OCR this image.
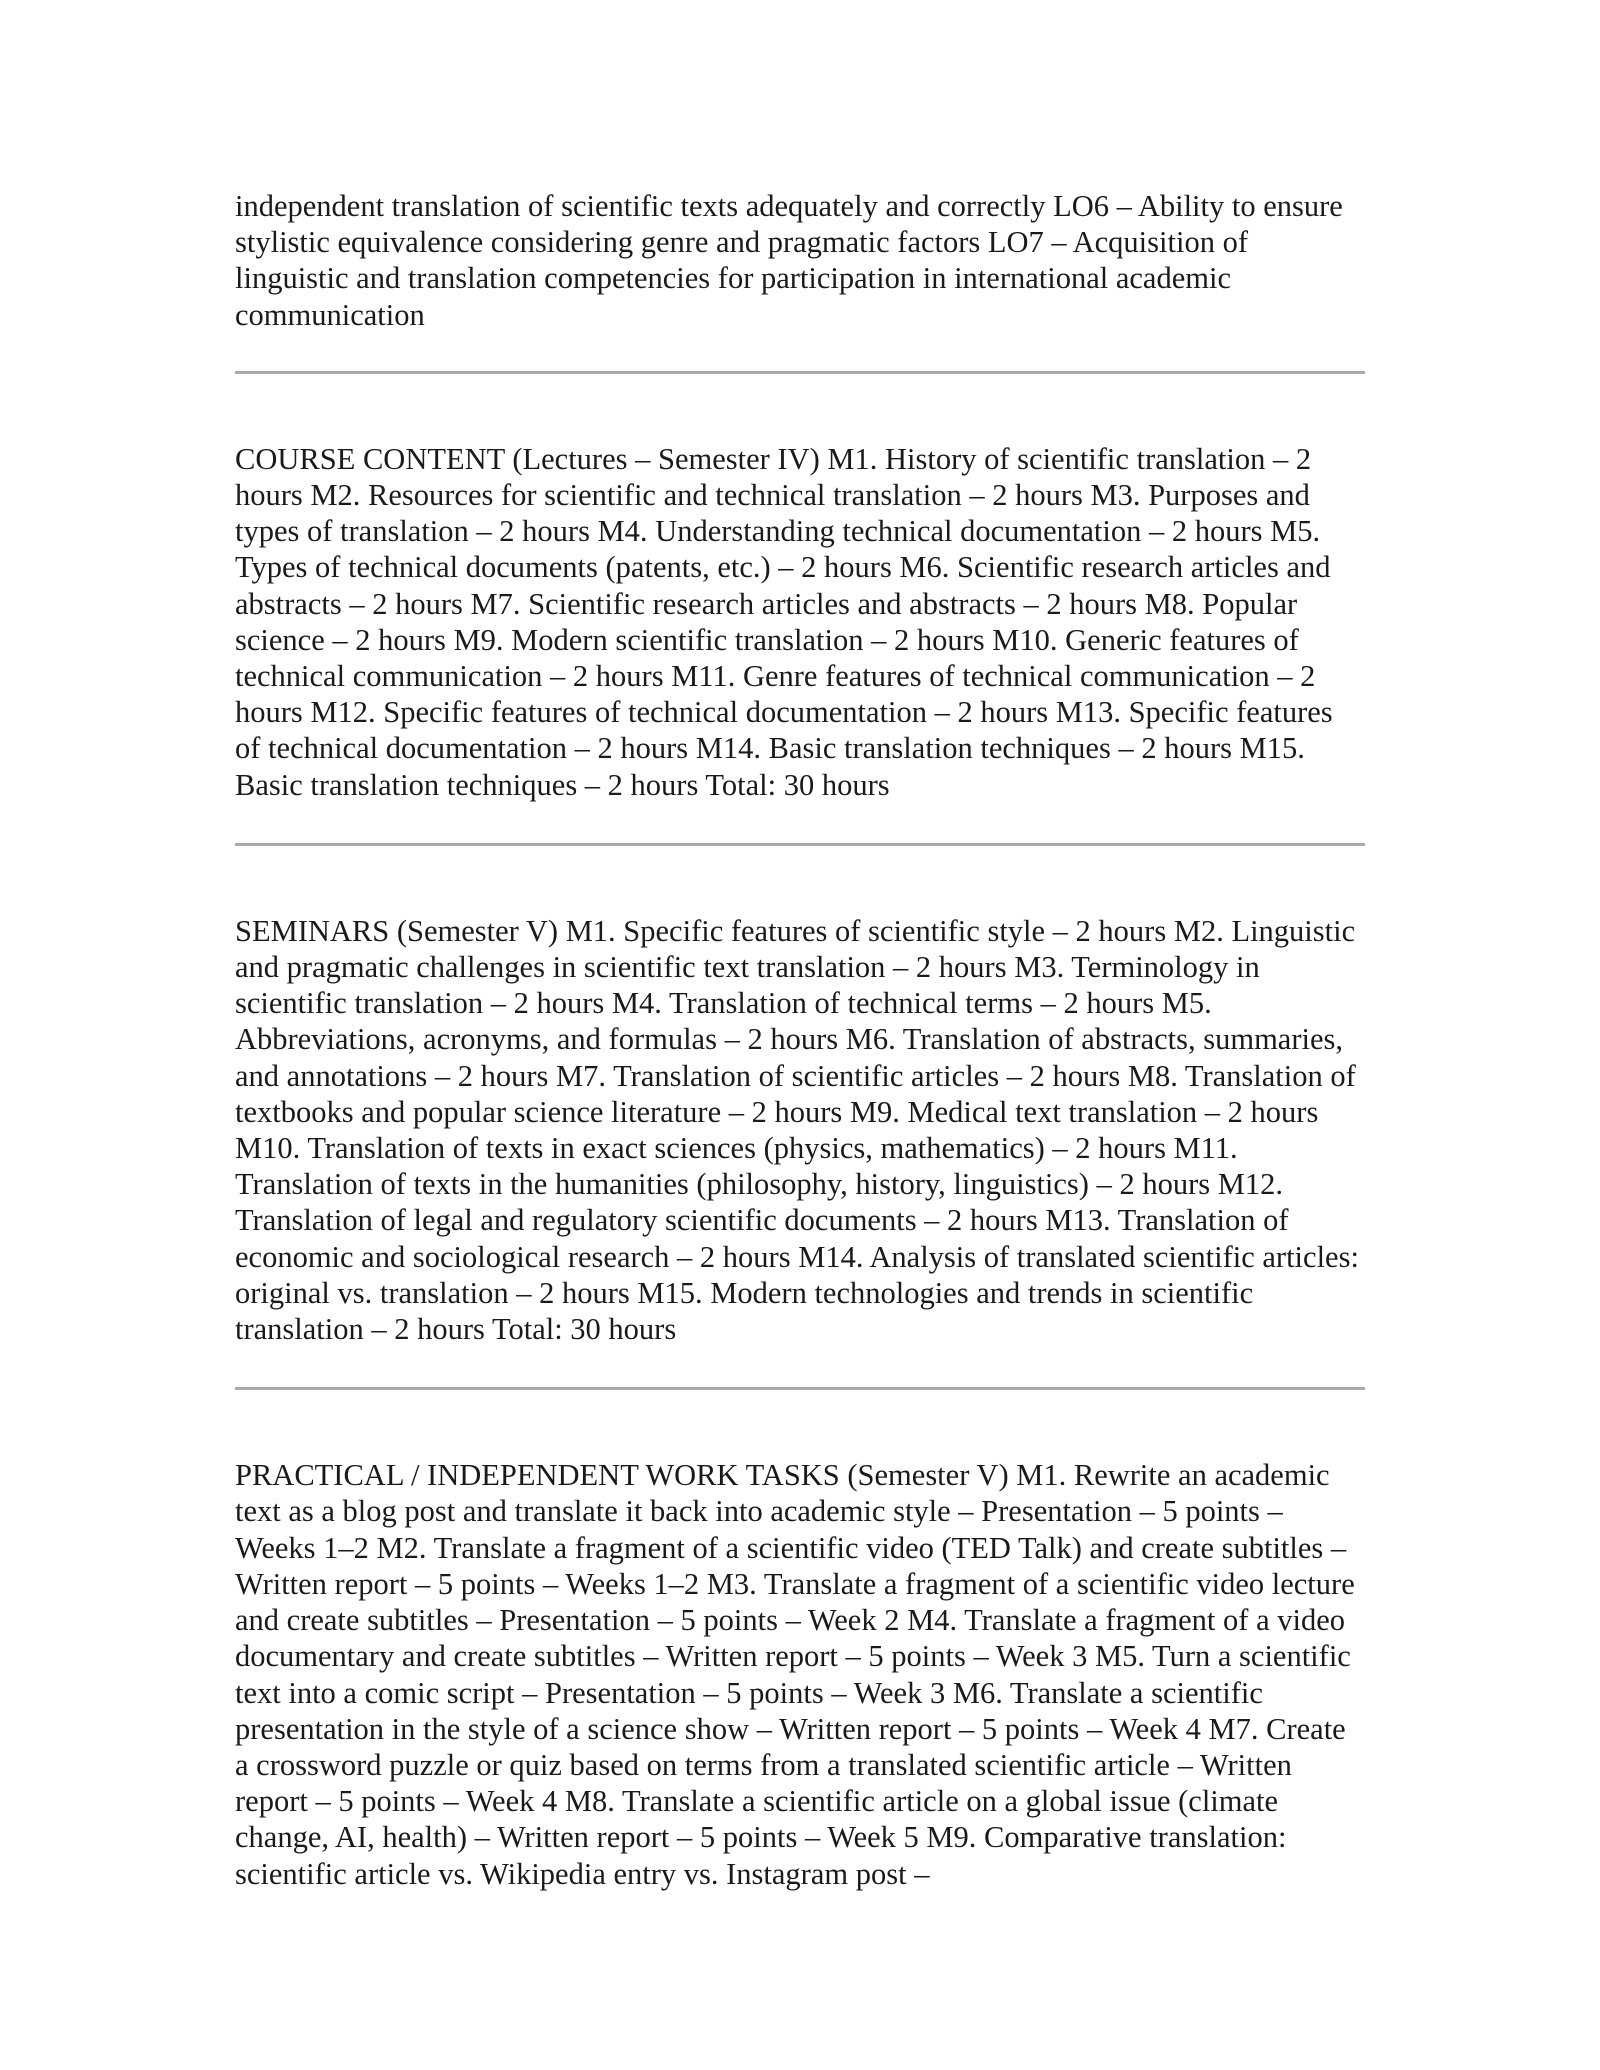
independent translation of scientific texts adequately and correctly LO6 – Ability to ensure stylistic equivalence considering genre and pragmatic factors LO7 – Acquisition of linguistic and translation competencies for participation in international academic communication

COURSE CONTENT (Lectures – Semester IV) M1. History of scientific translation – 2 hours M2. Resources for scientific and technical translation – 2 hours M3. Purposes and types of translation – 2 hours M4. Understanding technical documentation – 2 hours M5. Types of technical documents (patents, etc.) – 2 hours M6. Scientific research articles and abstracts – 2 hours M7. Scientific research articles and abstracts – 2 hours M8. Popular science – 2 hours M9. Modern scientific translation – 2 hours M10. Generic features of technical communication – 2 hours M11. Genre features of technical communication – 2 hours M12. Specific features of technical documentation – 2 hours M13. Specific features of technical documentation – 2 hours M14. Basic translation techniques – 2 hours M15. Basic translation techniques – 2 hours Total: 30 hours

SEMINARS (Semester V) M1. Specific features of scientific style – 2 hours M2. Linguistic and pragmatic challenges in scientific text translation – 2 hours M3. Terminology in scientific translation – 2 hours M4. Translation of technical terms – 2 hours M5. Abbreviations, acronyms, and formulas – 2 hours M6. Translation of abstracts, summaries, and annotations – 2 hours M7. Translation of scientific articles – 2 hours M8. Translation of textbooks and popular science literature – 2 hours M9. Medical text translation – 2 hours M10. Translation of texts in exact sciences (physics, mathematics) – 2 hours M11. Translation of texts in the humanities (philosophy, history, linguistics) – 2 hours M12. Translation of legal and regulatory scientific documents – 2 hours M13. Translation of economic and sociological research – 2 hours M14. Analysis of translated scientific articles: original vs. translation – 2 hours M15. Modern technologies and trends in scientific translation – 2 hours Total: 30 hours

PRACTICAL / INDEPENDENT WORK TASKS (Semester V) M1. Rewrite an academic text as a blog post and translate it back into academic style – Presentation – 5 points – Weeks 1–2 M2. Translate a fragment of a scientific video (TED Talk) and create subtitles – Written report – 5 points – Weeks 1–2 M3. Translate a fragment of a scientific video lecture and create subtitles – Presentation – 5 points – Week 2 M4. Translate a fragment of a video documentary and create subtitles – Written report – 5 points – Week 3 M5. Turn a scientific text into a comic script – Presentation – 5 points – Week 3 M6. Translate a scientific presentation in the style of a science show – Written report – 5 points – Week 4 M7. Create a crossword puzzle or quiz based on terms from a translated scientific article – Written report – 5 points – Week 4 M8. Translate a scientific article on a global issue (climate change, AI, health) – Written report – 5 points – Week 5 M9. Comparative translation: scientific article vs. Wikipedia entry vs. Instagram post –
